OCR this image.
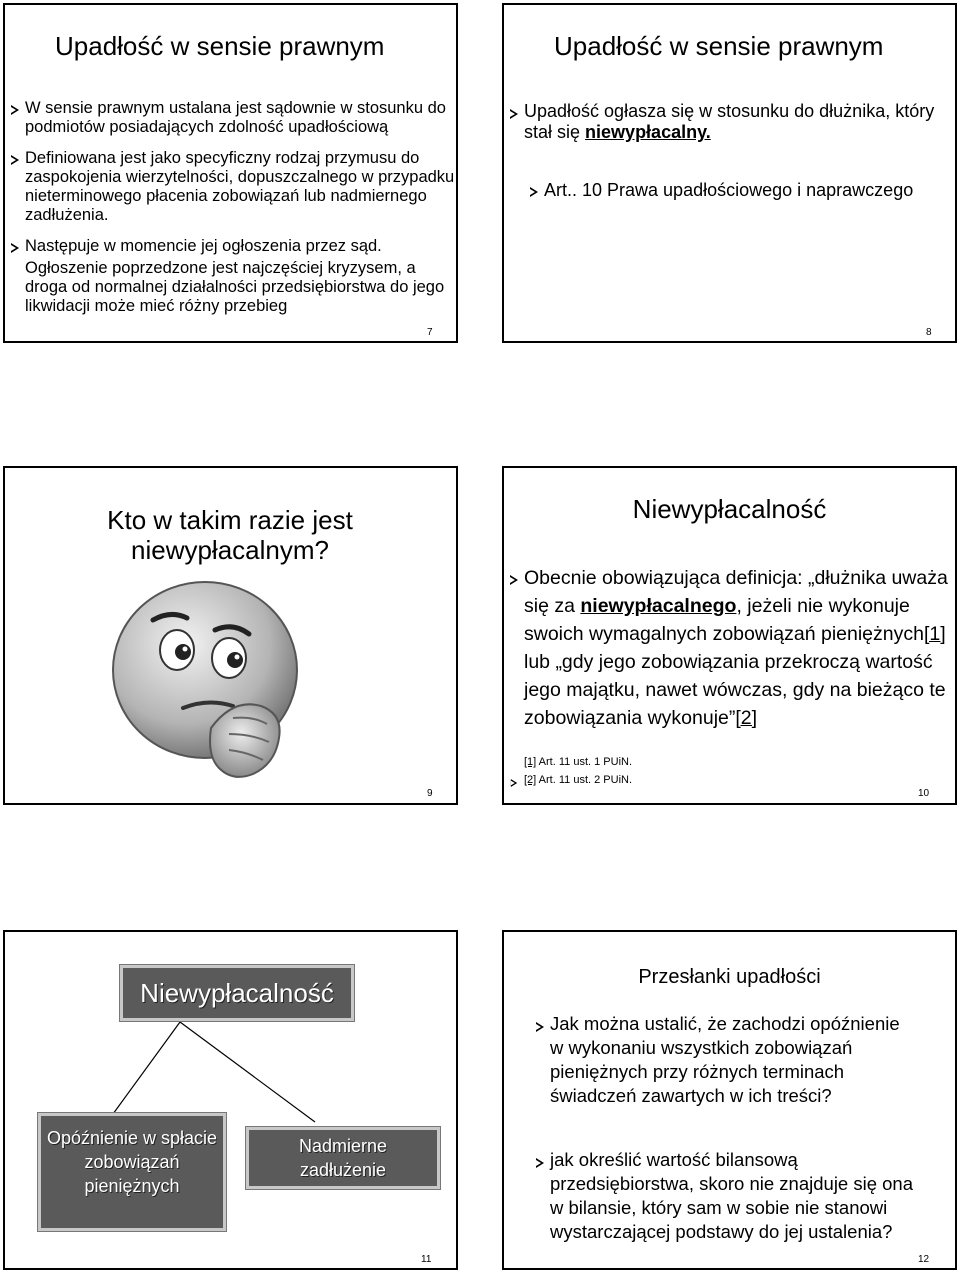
Upadłość w sensie prawnym
W sensie prawnym ustalana jest sądownie w stosunku do podmiotów posiadających zdolność upadłościową
Definiowana jest jako specyficzny rodzaj przymusu do zaspokojenia wierzytelności, dopuszczalnego w przypadku nieterminowego płacenia zobowiązań lub nadmiernego zadłużenia.
Następuje w momencie jej ogłoszenia przez sąd.
Ogłoszenie poprzedzone jest najczęściej kryzysem, a droga od normalnej działalności przedsiębiorstwa do jego likwidacji może mieć różny przebieg
7
Upadłość w sensie prawnym
Upadłość ogłasza się w stosunku do dłużnika, który stał się niewypłacalny.
Art.. 10 Prawa upadłościowego i naprawczego
8
Kto w takim razie jest niewypłacalnym?
9
Niewypłacalność
Obecnie obowiązująca definicja: „dłużnika uważa się za niewypłacalnego, jeżeli nie wykonuje swoich wymagalnych zobowiązań pieniężnych[1] lub „gdy jego zobowiązania przekroczą wartość jego majątku, nawet wówczas, gdy na bieżąco te zobowiązania wykonuje”[2]
[1] Art. 11 ust. 1 PUiN.
[2] Art. 11 ust. 2 PUiN.
10
Niewypłacalność
Opóźnienie w spłacie zobowiązań pieniężnych
Nadmierne zadłużenie
11
Przesłanki upadłości
Jak można ustalić, że zachodzi opóźnienie w wykonaniu wszystkich zobowiązań pieniężnych przy różnych terminach świadczeń zawartych w ich treści?
jak określić wartość bilansową przedsiębiorstwa, skoro nie znajduje się ona w bilansie, który sam w sobie nie stanowi wystarczającej podstawy do jej ustalenia?
12
